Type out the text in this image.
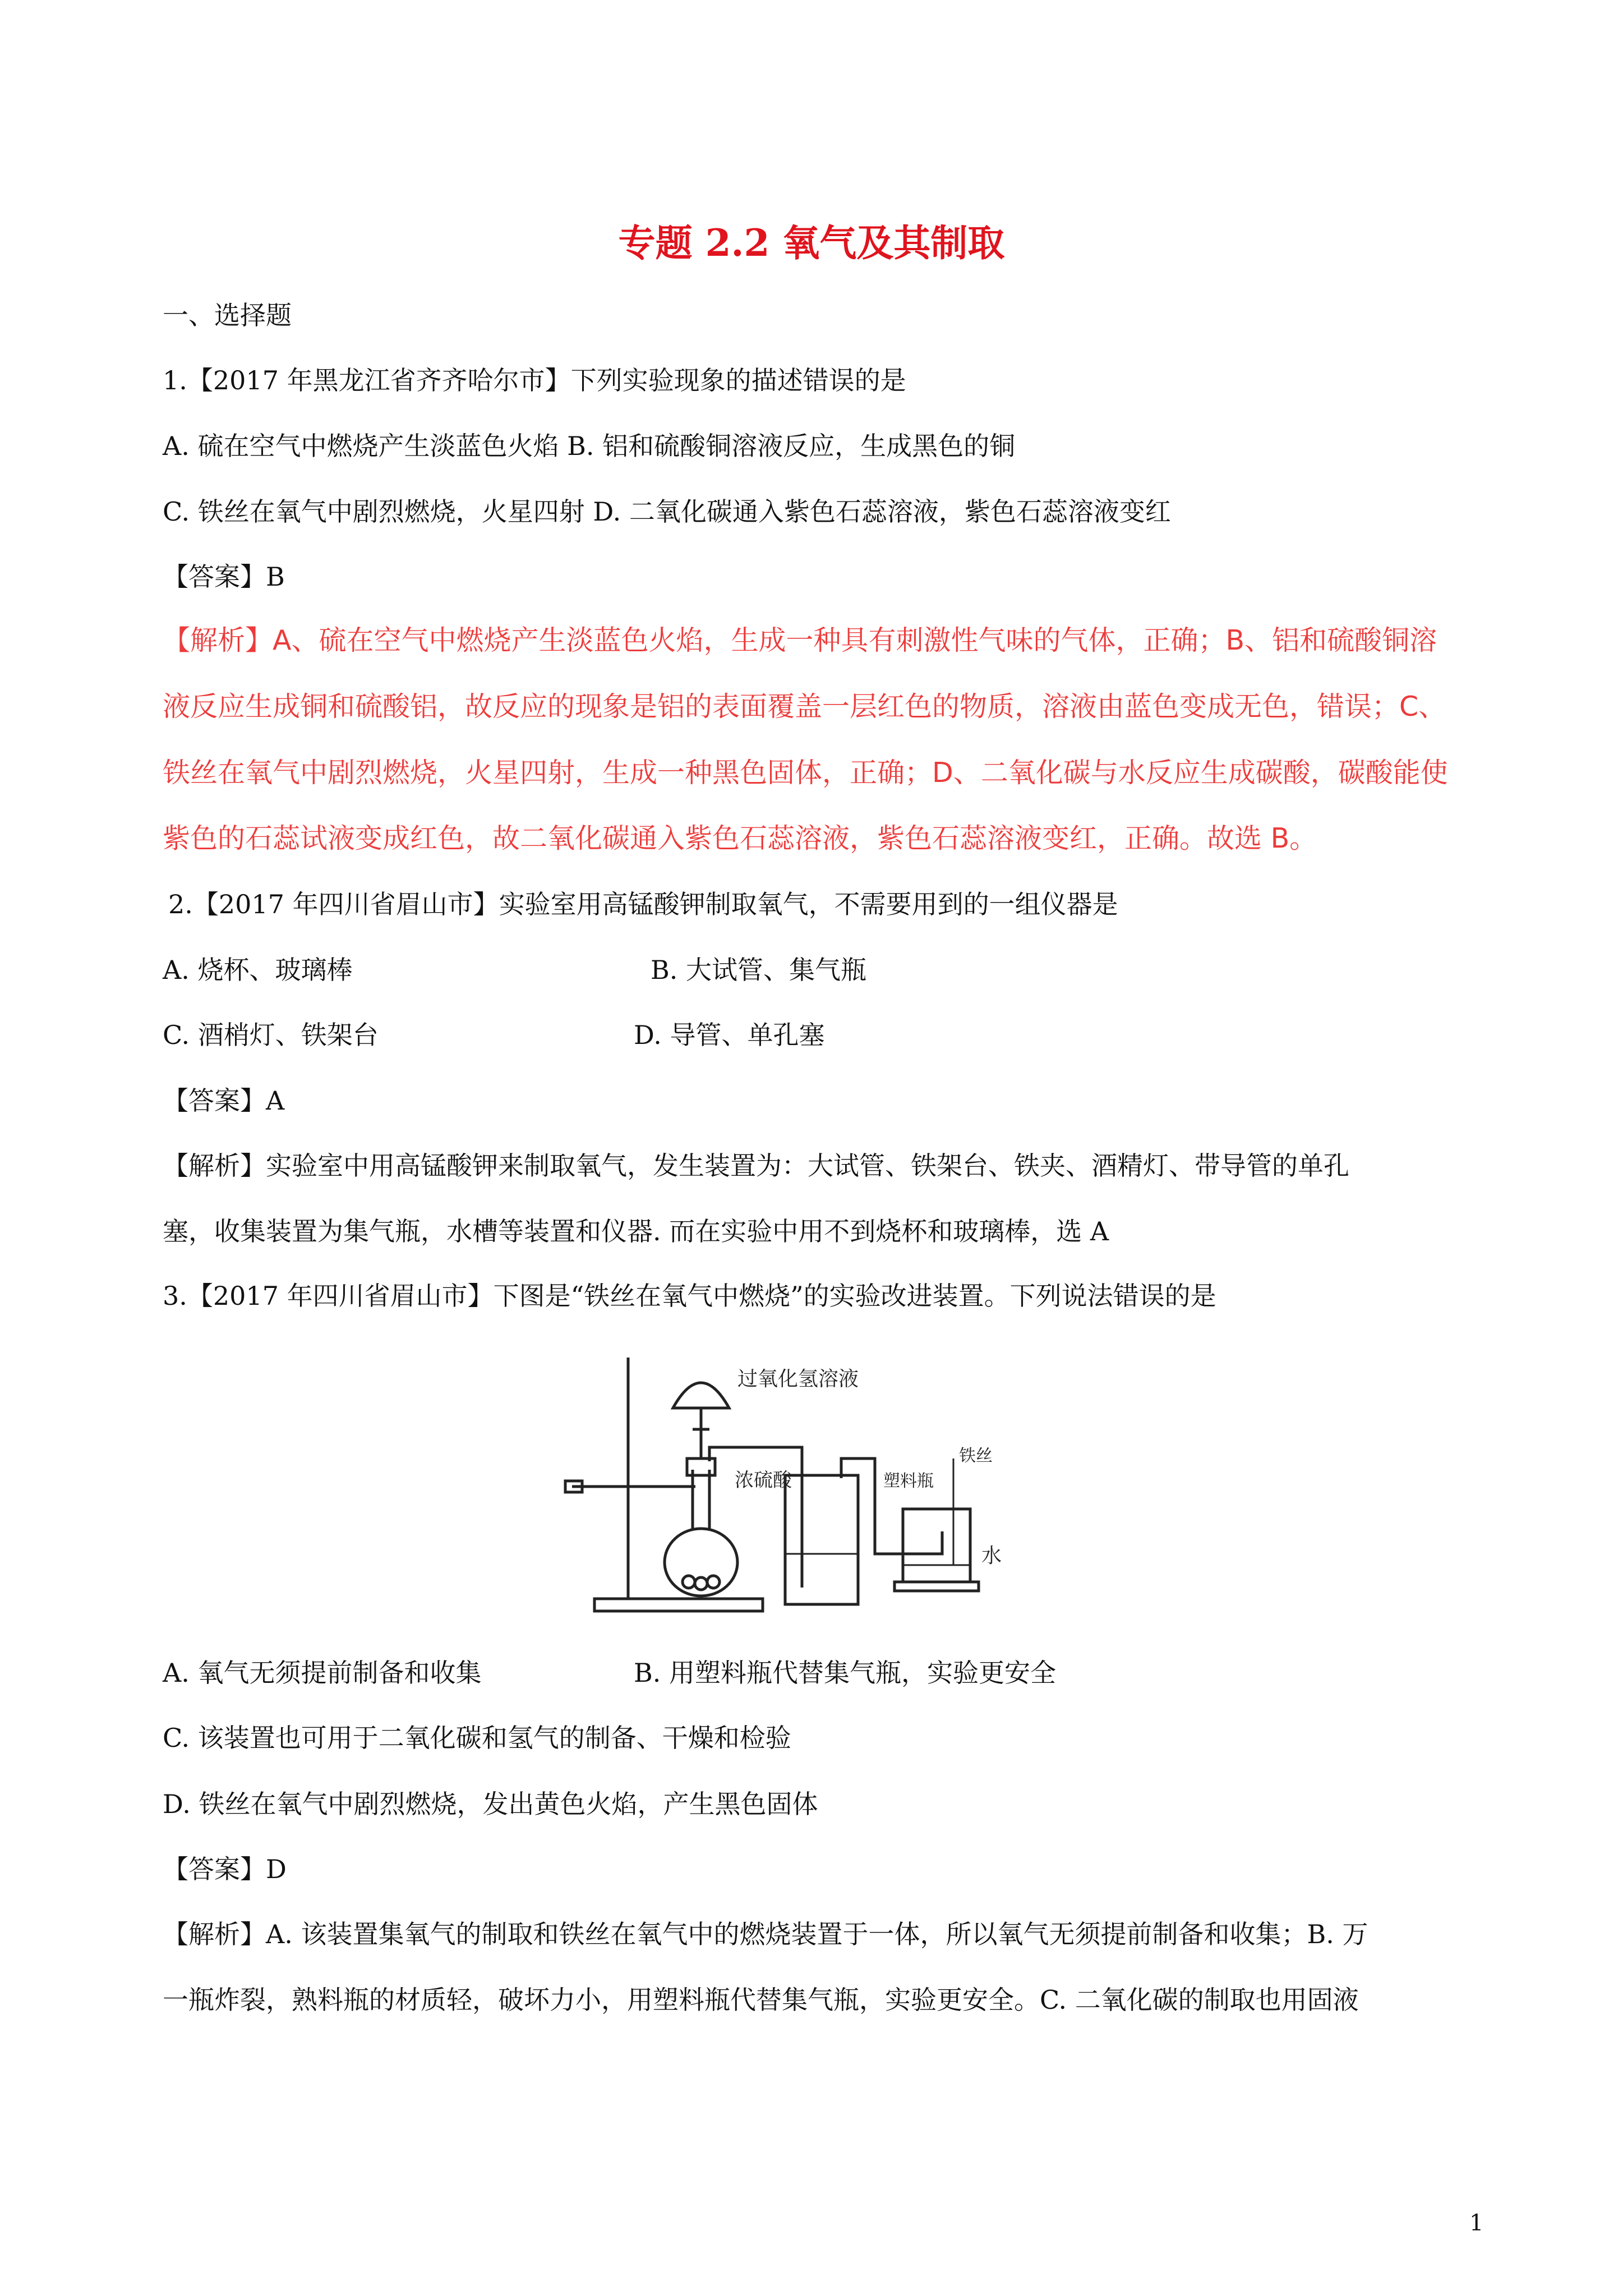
专题 2.2 氧气及其制取
一、选择题
1.【2017 年黑龙江省齐齐哈尔市】下列实验现象的描述错误的是
A. 硫在空气中燃烧产生淡蓝色火焰 B. 铝和硫酸铜溶液反应，生成黑色的铜
C. 铁丝在氧气中剧烈燃烧，火星四射 D. 二氧化碳通入紫色石蕊溶液，紫色石蕊溶液变红
【答案】B
【解析】A、硫在空气中燃烧产生淡蓝色火焰，生成一种具有刺激性气味的气体，正确；B、铝和硫酸铜溶
液反应生成铜和硫酸铝，故反应的现象是铝的表面覆盖一层红色的物质，溶液由蓝色变成无色，错误；C、
铁丝在氧气中剧烈燃烧，火星四射，生成一种黑色固体，正确；D、二氧化碳与水反应生成碳酸，碳酸能使
紫色的石蕊试液变成红色，故二氧化碳通入紫色石蕊溶液，紫色石蕊溶液变红，正确。故选 B。
2.【2017 年四川省眉山市】实验室用高锰酸钾制取氧气，不需要用到的一组仪器是
A. 烧杯、玻璃棒	B. 大试管、集气瓶
C. 酒梢灯、铁架台	D. 导管、单孔塞
【答案】A
【解析】实验室中用高锰酸钾来制取氧气，发生装置为：大试管、铁架台、铁夹、酒精灯、带导管的单孔
塞，收集装置为集气瓶，水槽等装置和仪器. 而在实验中用不到烧杯和玻璃棒，选 A
3.【2017 年四川省眉山市】下图是“铁丝在氧气中燃烧”的实验改进装置。下列说法错误的是
过氧化氢溶液
浓硫酸	塑料瓶
铁丝
水
A. 氧气无须提前制备和收集	B. 用塑料瓶代替集气瓶，实验更安全
C. 该装置也可用于二氧化碳和氢气的制备、干燥和检验
D. 铁丝在氧气中剧烈燃烧，发出黄色火焰，产生黑色固体
【答案】D
【解析】A. 该装置集氧气的制取和铁丝在氧气中的燃烧装置于一体，所以氧气无须提前制备和收集；B. 万
一瓶炸裂，熟料瓶的材质轻，破坏力小，用塑料瓶代替集气瓶，实验更安全。C. 二氧化碳的制取也用固液
1
